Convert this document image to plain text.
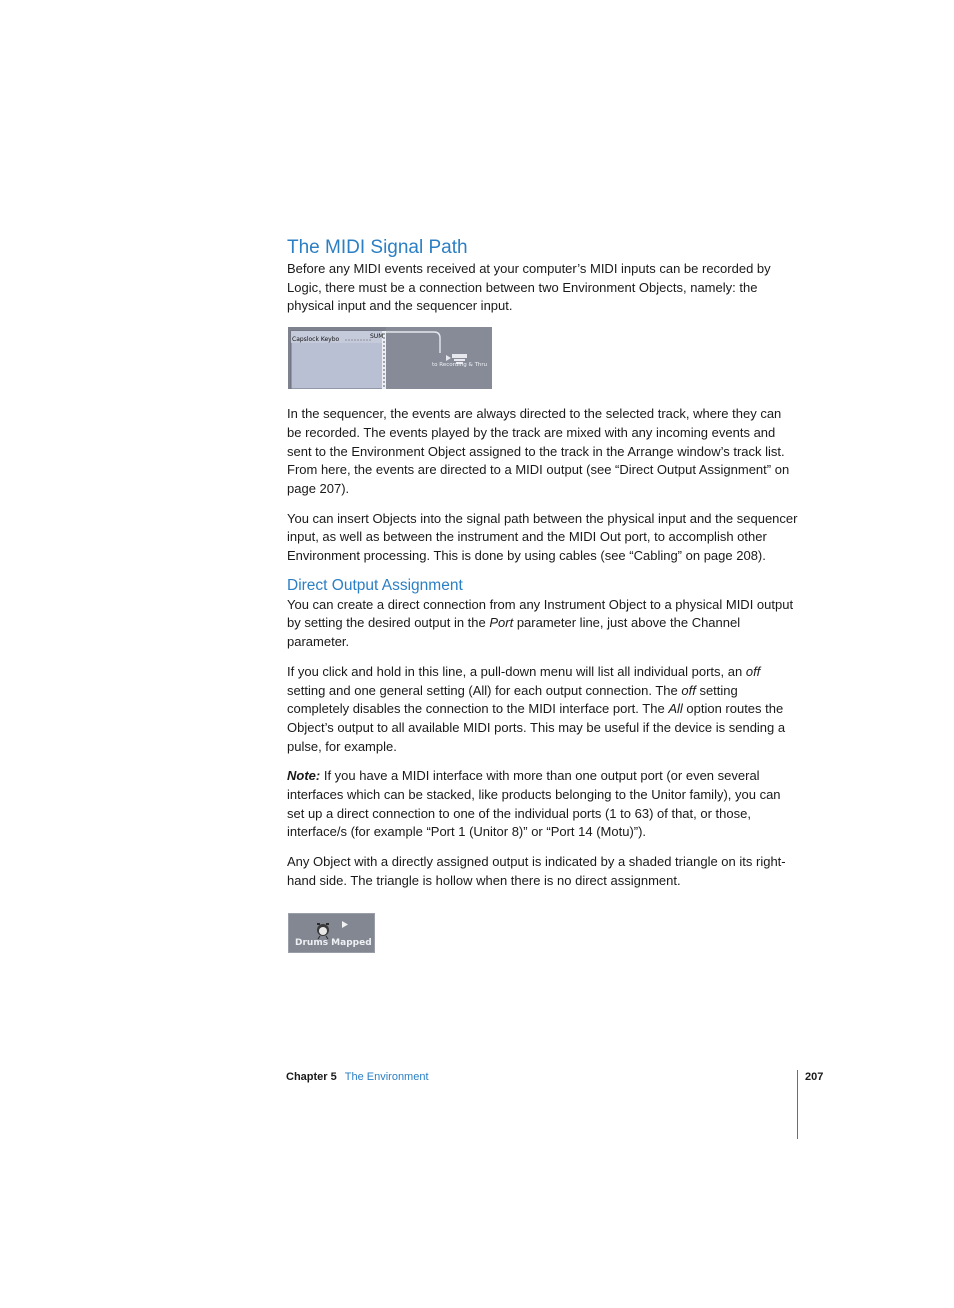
The MIDI Signal Path

Before any MIDI events received at your computer’s MIDI inputs can be recorded by Logic, there must be a connection between two Environment Objects, namely: the physical input and the sequencer input.

Capslock Keybo	SUM
to Recording & Thru

In the sequencer, the events are always directed to the selected track, where they can be recorded. The events played by the track are mixed with any incoming events and sent to the Environment Object assigned to the track in the Arrange window’s track list. From here, the events are directed to a MIDI output (see “Direct Output Assignment” on page 207).

You can insert Objects into the signal path between the physical input and the sequencer input, as well as between the instrument and the MIDI Out port, to accomplish other Environment processing. This is done by using cables (see “Cabling” on page 208).

Direct Output Assignment

You can create a direct connection from any Instrument Object to a physical MIDI output by setting the desired output in the Port parameter line, just above the Channel parameter.

If you click and hold in this line, a pull-down menu will list all individual ports, an off setting and one general setting (All) for each output connection. The off setting completely disables the connection to the MIDI interface port. The All option routes the Object’s output to all available MIDI ports. This may be useful if the device is sending a pulse, for example.

Note: If you have a MIDI interface with more than one output port (or even several interfaces which can be stacked, like products belonging to the Unitor family), you can set up a direct connection to one of the individual ports (1 to 63) of that, or those, interface/s (for example “Port 1 (Unitor 8)” or “Port 14 (Motu)”).

Any Object with a directly assigned output is indicated by a shaded triangle on its right-hand side. The triangle is hollow when there is no direct assignment.

Drums Mapped
Chapter 5 The Environment	207
